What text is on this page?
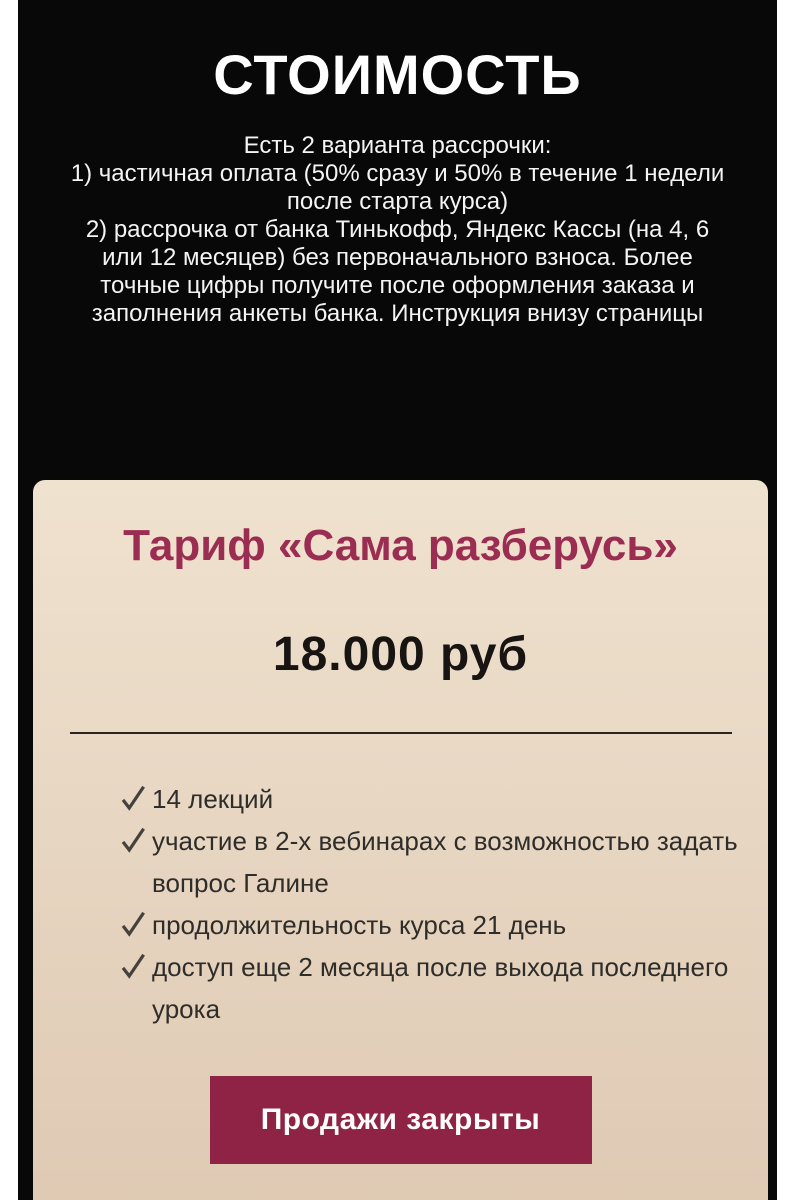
СТОИМОСТЬ
Есть 2 варианта рассрочки:
1) частичная оплата (50% сразу и 50% в течение 1 недели
после старта курса)
2) рассрочка от банка Тинькофф, Яндекс Кассы (на 4, 6
или 12 месяцев) без первоначального взноса. Более
точные цифры получите после оформления заказа и
заполнения анкеты банка. Инструкция внизу страницы
Тариф «Сама разберусь»
18.000 руб
14 лекций
участие в 2-х вебинарах с возможностью задать
вопрос Галине
продолжительность курса 21 день
доступ еще 2 месяца после выхода последнего
урока
Продажи закрыты
